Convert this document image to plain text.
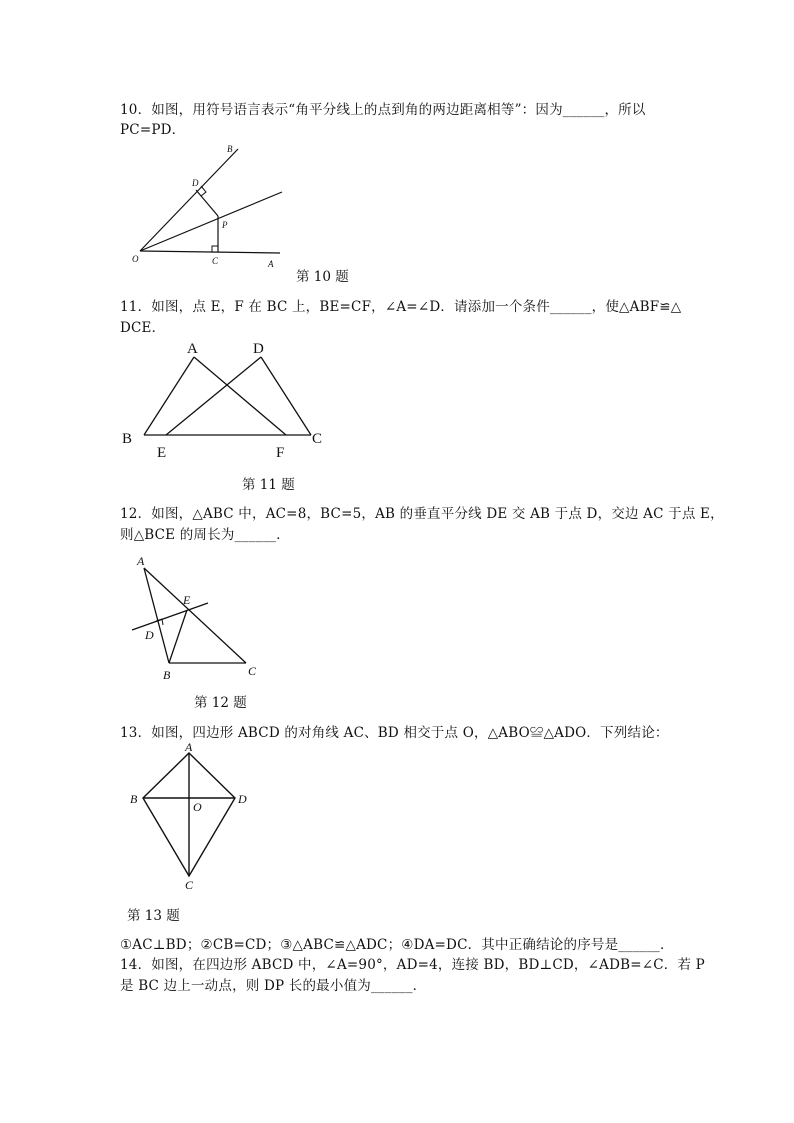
10．如图，用符号语言表示“角平分线上的点到角的两边距离相等”：因为______，所以
PC=PD．
B
D
P
O	C	A
第 10 题
11．如图，点 E，F 在 BC 上，BE=CF，∠A=∠D．请添加一个条件______，使△ABF≌△
DCE．
A	D
B
E	F
C
第 11 题
12．如图，△ABC 中，AC=8，BC=5，AB 的垂直平分线 DE 交 AB 于点 D，交边 AC 于点 E，
则△BCE 的周长为______．
A
E
D
B	C
第 12 题
13．如图，四边形 ABCD 的对角线 AC、BD 相交于点 O，△ABO≌△ADO．下列结论：
A
B
O
D
C
第 13 题
①AC⊥BD；②CB=CD；③△ABC≌△ADC；④DA=DC．其中正确结论的序号是______．
14．如图，在四边形 ABCD 中，∠A=90°，AD=4，连接 BD，BD⊥CD，∠ADB=∠C．若 P
是 BC 边上一动点，则 DP 长的最小值为______．
